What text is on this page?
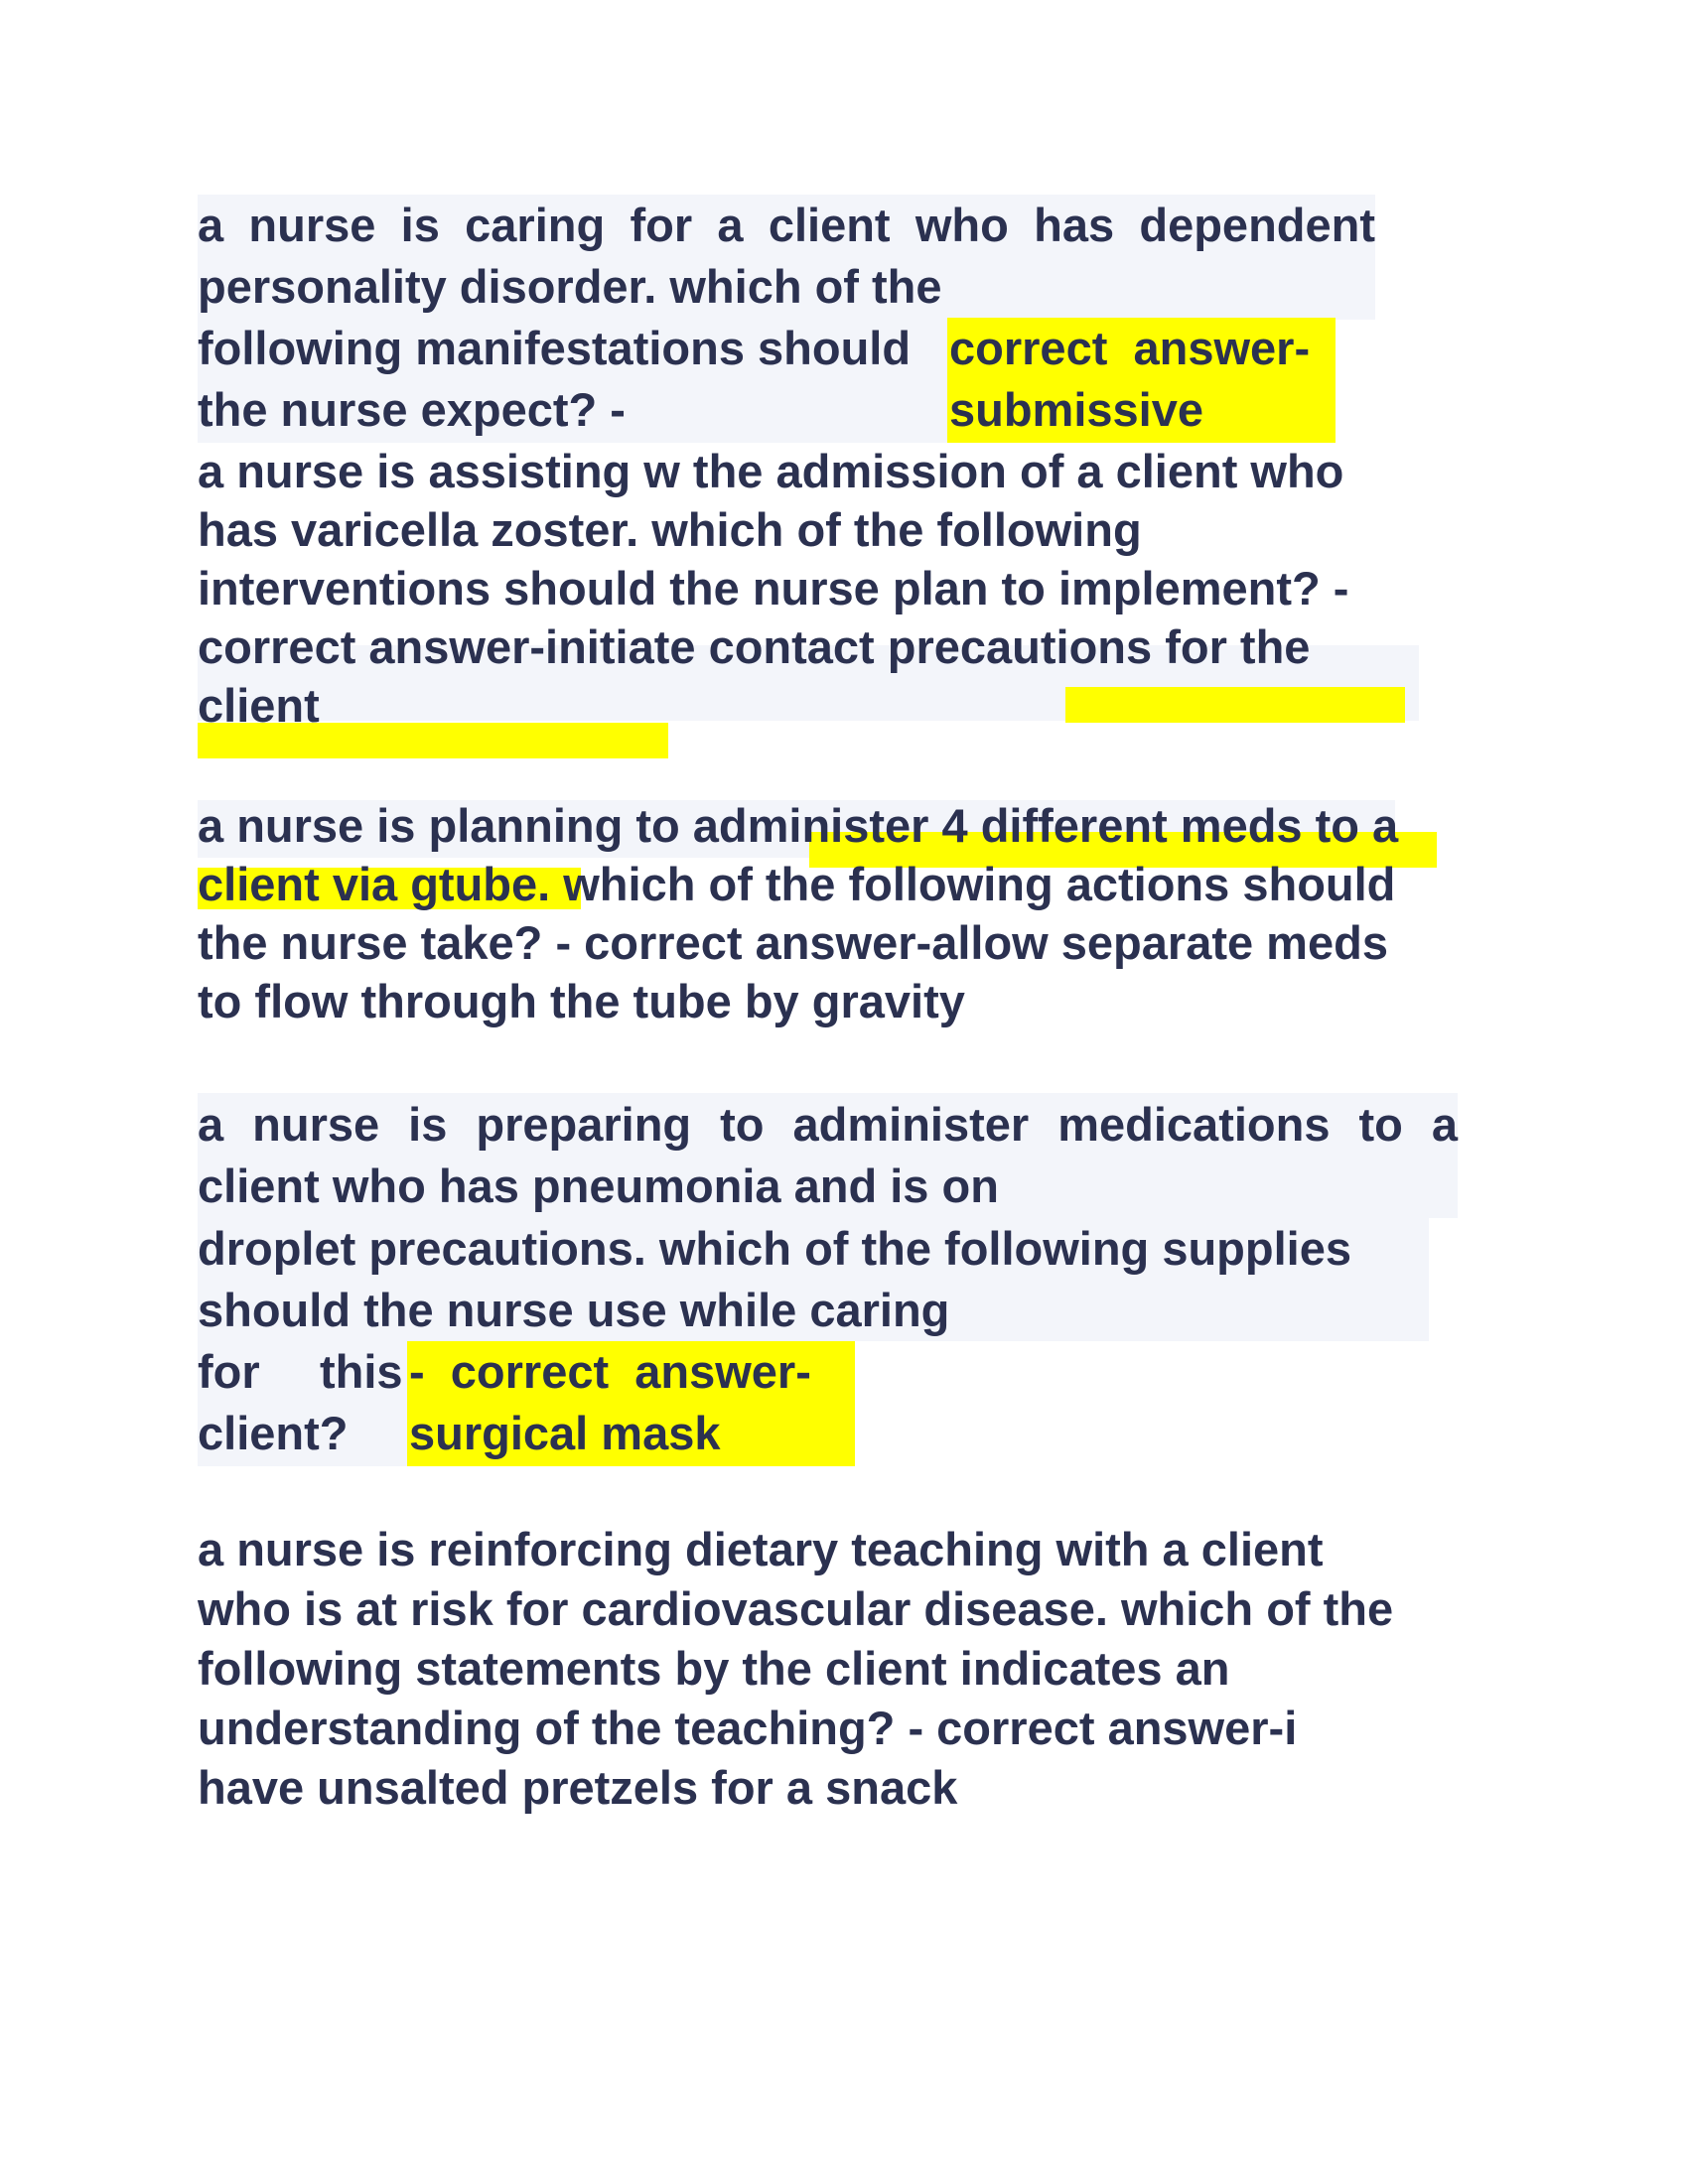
a nurse is caring for a client who has dependent

personality disorder. which of the

following manifestations should

the nurse expect? -

correct  answer-

submissive

a nurse is assisting w the admission of a client who

has varicella zoster. which of the following

interventions should the nurse plan to implement? -

correct answer-initiate contact precautions for the

client

a nurse is planning to administer 4 different meds to a

client via gtube. which of the following actions should

the nurse take? - correct answer-allow separate meds

to flow through the tube by gravity

a nurse is preparing to administer medications to a

client who has pneumonia and is on

droplet precautions. which of the following supplies

should the nurse use while caring

for this

client?

-  correct  answer-

surgical mask

a nurse is reinforcing dietary teaching with a client

who is at risk for cardiovascular disease. which of the

following statements by the client indicates an

understanding of the teaching? - correct answer-i

have unsalted pretzels for a snack
